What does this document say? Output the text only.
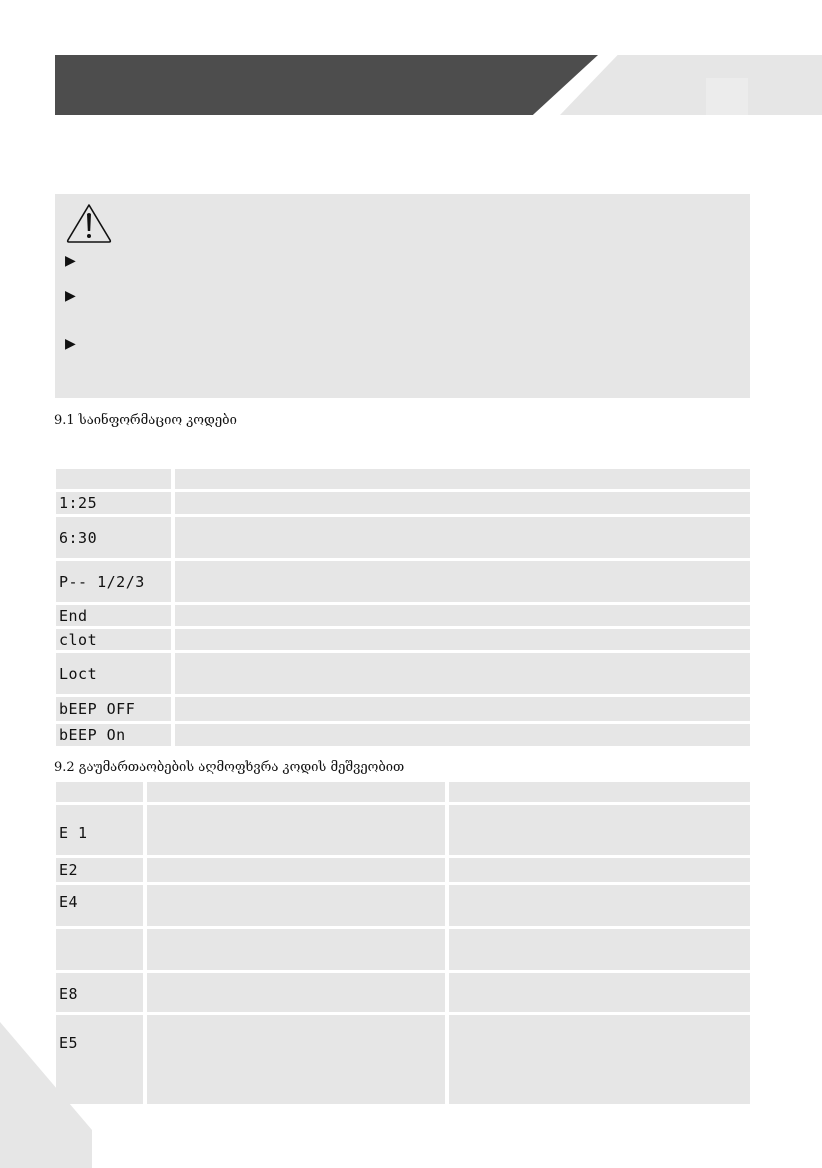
▶
▶
▶
9.1 საინფორმაციო კოდები
1:25
6:30
P-- 1/2/3
End
clot
Loct
bEEP OFF
bEEP On
9.2 გაუმართაობების აღმოფხვრა კოდის მეშვეობით
E 1
E2
E4
E8
E5
